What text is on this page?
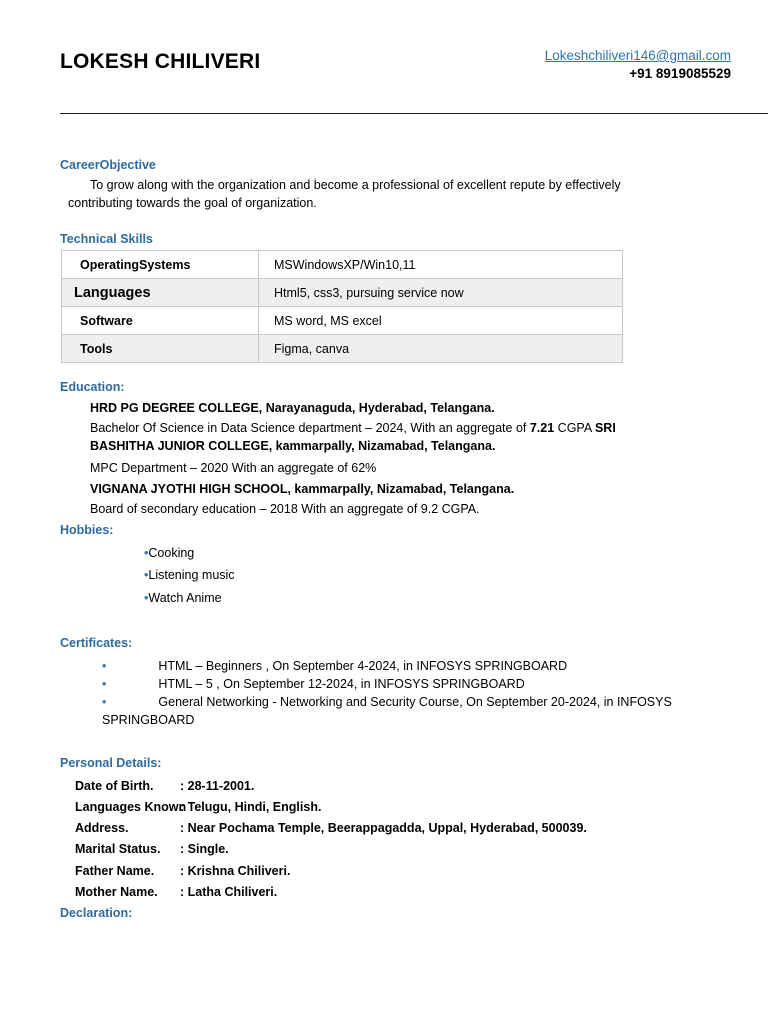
LOKESH CHILIVERI	Lokeshchiliveri146@gmail.com
+91 8919085529
CareerObjective
To grow along with the organization and become a professional of excellent repute by effectively
contributing towards the goal of organization.
Technical Skills
OperatingSystems	MSWindowsXP/Win10,11
Languages	Html5, css3, pursuing service now
Software	MS word, MS excel
Tools	Figma, canva
Education:
HRD PG DEGREE COLLEGE, Narayanaguda, Hyderabad, Telangana.
Bachelor Of Science in Data Science department – 2024, With an aggregate of 7.21 CGPA SRI
BASHITHA JUNIOR COLLEGE, kammarpally, Nizamabad, Telangana.
MPC Department – 2020 With an aggregate of 62%
VIGNANA JYOTHI HIGH SCHOOL, kammarpally, Nizamabad, Telangana.
Board of secondary education – 2018 With an aggregate of 9.2 CGPA.
Hobbies:
•Cooking
•Listening music
•Watch Anime
Certificates:
•	HTML – Beginners , On September 4-2024, in INFOSYS SPRINGBOARD
•	HTML – 5 , On September 12-2024, in INFOSYS SPRINGBOARD
•	General Networking - Networking and Security Course, On September 20-2024, in INFOSYS
SPRINGBOARD
Personal Details:
Date of Birth. : 28-11-2001.
Languages Known
: Telugu, Hindi, English.
Address.	: Near Pochama Temple, Beerappagadda, Uppal, Hyderabad, 500039.
Marital Status. : Single.
Father Name. : Krishna Chiliveri.
Mother Name. : Latha Chiliveri.
Declaration:
